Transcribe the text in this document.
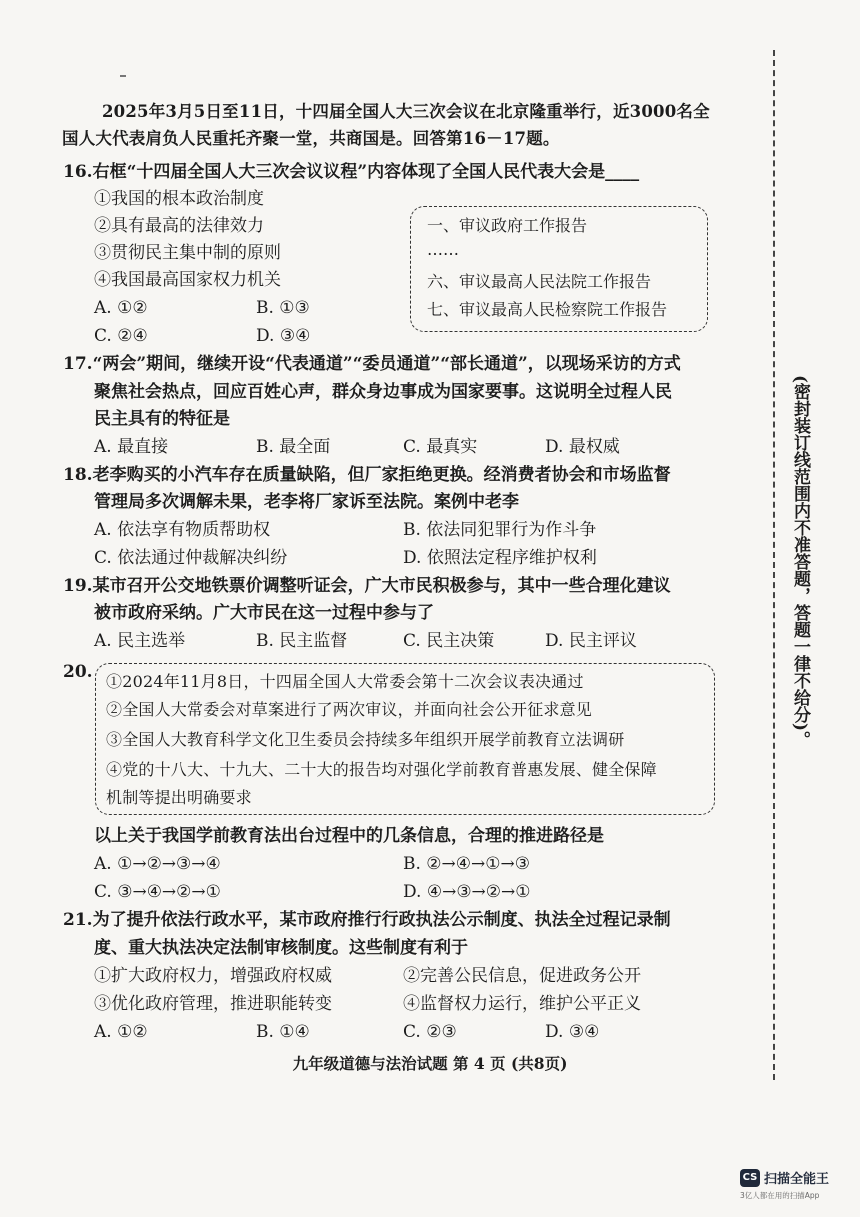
2025年3月5日至11日，十四届全国人大三次会议在北京隆重举行，近3000名全国人大代表肩负人民重托齐聚一堂，共商国是。回答第16－17题。
16.右框“十四届全国人大三次会议议程”内容体现了全国人民代表大会是____
①我国的根本政治制度
②具有最高的法律效力
③贯彻民主集中制的原则
④我国最高国家权力机关
A. ①②	B. ①③
C. ②④	D. ③④
一、审议政府工作报告
……
六、审议最高人民法院工作报告
七、审议最高人民检察院工作报告
17.“两会”期间，继续开设“代表通道”“委员通道”“部长通道”，以现场采访的方式
聚焦社会热点，回应百姓心声，群众身边事成为国家要事。这说明全过程人民
民主具有的特征是
A. 最直接	B. 最全面	C. 最真实	D. 最权威
18.老李购买的小汽车存在质量缺陷，但厂家拒绝更换。经消费者协会和市场监督
管理局多次调解未果，老李将厂家诉至法院。案例中老李
A. 依法享有物质帮助权	B. 依法同犯罪行为作斗争
C. 依法通过仲裁解决纠纷	D. 依照法定程序维护权利
19.某市召开公交地铁票价调整听证会，广大市民积极参与，其中一些合理化建议
被市政府采纳。广大市民在这一过程中参与了
A. 民主选举	B. 民主监督	C. 民主决策	D. 民主评议
20. ①2024年11月8日，十四届全国人大常委会第十二次会议表决通过
②全国人大常委会对草案进行了两次审议，并面向社会公开征求意见
③全国人大教育科学文化卫生委员会持续多年组织开展学前教育立法调研
④党的十八大、十九大、二十大的报告均对强化学前教育普惠发展、健全保障
机制等提出明确要求
以上关于我国学前教育法出台过程中的几条信息，合理的推进路径是
A. ①→②→③→④	B. ②→④→①→③
C. ③→④→②→①	D. ④→③→②→①
21.为了提升依法行政水平，某市政府推行行政执法公示制度、执法全过程记录制
度、重大执法决定法制审核制度。这些制度有利于
①扩大政府权力，增强政府权威	②完善公民信息，促进政务公开
③优化政府管理，推进职能转变	④监督权力运行，维护公平正义
A. ①②	B. ①④	C. ②③	D. ③④
九年级道德与法治试题 第 4 页 (共8页)
(密封装订线范围内不准答题，答题一律不给分)。
CS 扫描全能王
3亿人都在用的扫描App
